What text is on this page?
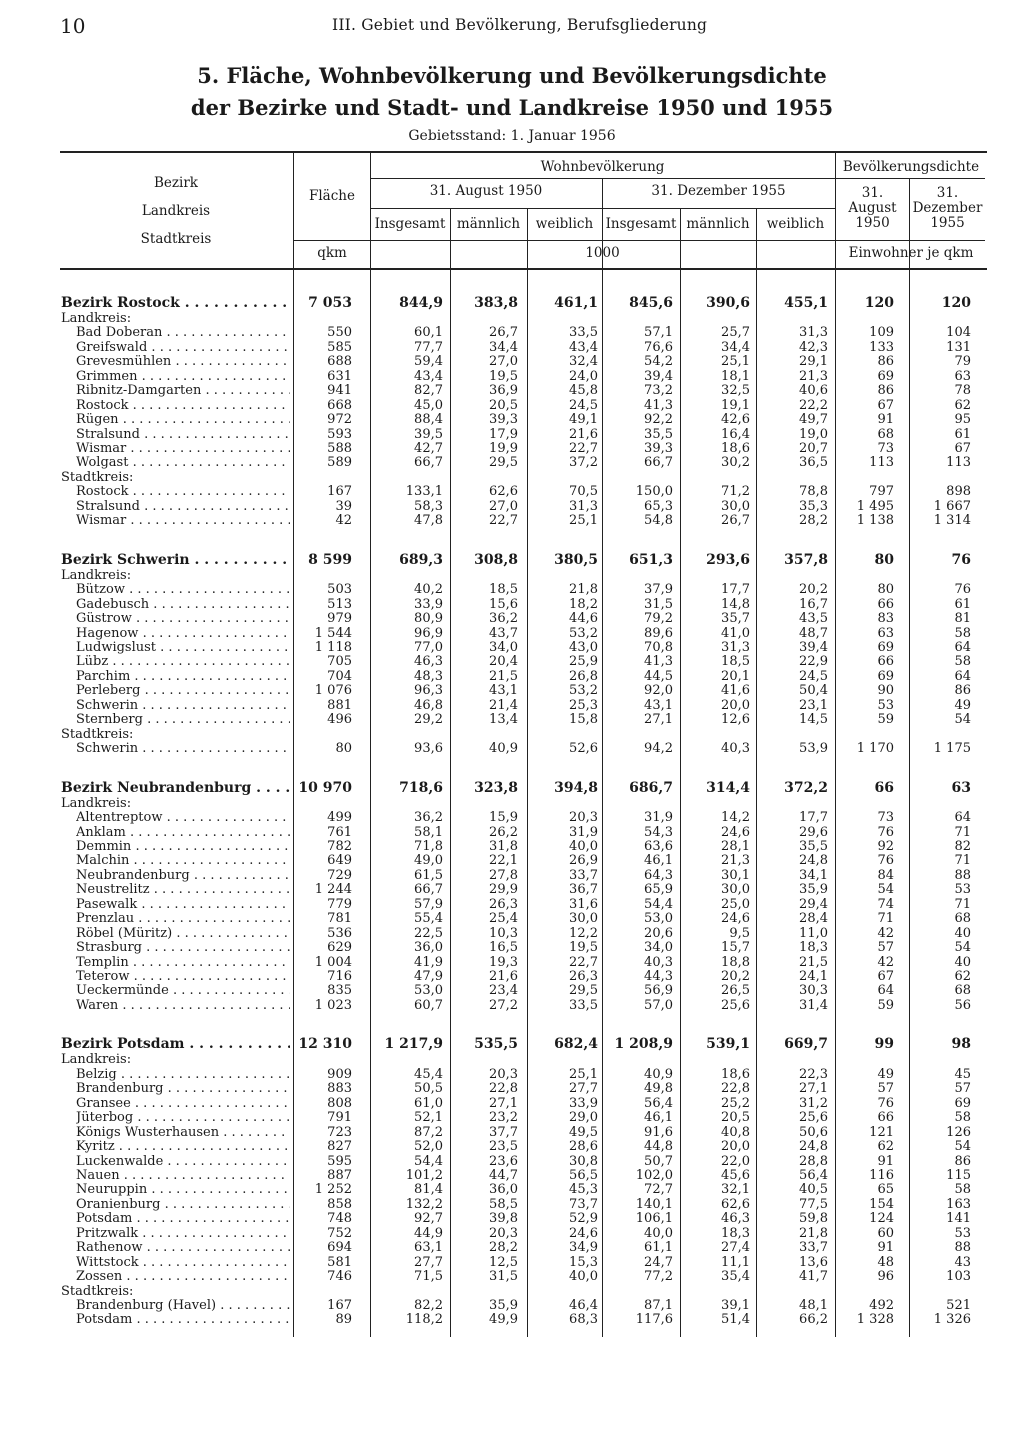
10	III. Gebiet und Bevölkerung, Berufsgliederung
5. Fläche, Wohnbevölkerung und Bevölkerungsdichte
der Bezirke und Stadt- und Landkreise 1950 und 1955
Gebietsstand: 1. Januar 1956
Bezirk
Landkreis
Stadtkreis
Fläche
Wohnbevölkerung	Bevölkerungsdichte
31. August 1950	31. Dezember 1955
Insgesamt männlich	weiblich Insgesamt männlich	weiblich
31.
August
1950
31.
Dezember
1955
qkm	1000	Einwohner je qkm
Bezirk Rostock . . .	7 053	844,9	383,8	461,1	845,6	390,6	455,1	120	120
Landkreis:
Bad Doberan . . .	550	60,1	26,7	33,5	57,1	25,7	31,3	109	104
Greifswald . . .	585	77,7	34,4	43,4	76,6	34,4	42,3	133	131
Grevesmühlen . . .	688	59,4	27,0	32,4	54,2	25,1	29,1	86	79
Grimmen . . .	631	43,4	19,5	24,0	39,4	18,1	21,3	69	63
Ribnitz-Damgarten . . .	941	82,7	36,9	45,8	73,2	32,5	40,6	86	78
Rostock . . .	668	45,0	20,5	24,5	41,3	19,1	22,2	67	62
Rügen . . .	972	88,4	39,3	49,1	92,2	42,6	49,7	91	95
Stralsund . . .	593	39,5	17,9	21,6	35,5	16,4	19,0	68	61
Wismar . . .	588	42,7	19,9	22,7	39,3	18,6	20,7	73	67
Wolgast . . .	589	66,7	29,5	37,2	66,7	30,2	36,5	113	113
Stadtkreis:
Rostock . . .	167	133,1	62,6	70,5	150,0	71,2	78,8	797	898
Stralsund . . .	39	58,3	27,0	31,3	65,3	30,0	35,3	1 495	1 667
Wismar . . .	42	47,8	22,7	25,1	54,8	26,7	28,2	1 138	1 314
Bezirk Schwerin . . .	8 599	689,3	308,8	380,5	651,3	293,6	357,8	80	76
Landkreis:
Bützow . . .	503	40,2	18,5	21,8	37,9	17,7	20,2	80	76
Gadebusch . . .	513	33,9	15,6	18,2	31,5	14,8	16,7	66	61
Güstrow . . .	979	80,9	36,2	44,6	79,2	35,7	43,5	83	81
Hagenow . . .	1 544	96,9	43,7	53,2	89,6	41,0	48,7	63	58
Ludwigslust . . .	1 118	77,0	34,0	43,0	70,8	31,3	39,4	69	64
Lübz . . .	705	46,3	20,4	25,9	41,3	18,5	22,9	66	58
Parchim . . .	704	48,3	21,5	26,8	44,5	20,1	24,5	69	64
Perleberg . . .	1 076	96,3	43,1	53,2	92,0	41,6	50,4	90	86
Schwerin . . .	881	46,8	21,4	25,3	43,1	20,0	23,1	53	49
Sternberg . . .	496	29,2	13,4	15,8	27,1	12,6	14,5	59	54
Stadtkreis:
Schwerin . . .	80	93,6	40,9	52,6	94,2	40,3	53,9	1 170	1 175
Bezirk Neubrandenburg . . .	10 970	718,6	323,8	394,8	686,7	314,4	372,2	66	63
Landkreis:
Altentreptow . . .	499	36,2	15,9	20,3	31,9	14,2	17,7	73	64
Anklam . . .	761	58,1	26,2	31,9	54,3	24,6	29,6	76	71
Demmin . . .	782	71,8	31,8	40,0	63,6	28,1	35,5	92	82
Malchin . . .	649	49,0	22,1	26,9	46,1	21,3	24,8	76	71
Neubrandenburg . . .	729	61,5	27,8	33,7	64,3	30,1	34,1	84	88
Neustrelitz . . .	1 244	66,7	29,9	36,7	65,9	30,0	35,9	54	53
Pasewalk . . .	779	57,9	26,3	31,6	54,4	25,0	29,4	74	71
Prenzlau . . .	781	55,4	25,4	30,0	53,0	24,6	28,4	71	68
Röbel (Müritz) . . .	536	22,5	10,3	12,2	20,6	9,5	11,0	42	40
Strasburg . . .	629	36,0	16,5	19,5	34,0	15,7	18,3	57	54
Templin . . .	1 004	41,9	19,3	22,7	40,3	18,8	21,5	42	40
Teterow . . .	716	47,9	21,6	26,3	44,3	20,2	24,1	67	62
Ueckermünde . . .	835	53,0	23,4	29,5	56,9	26,5	30,3	64	68
Waren . . .	1 023	60,7	27,2	33,5	57,0	25,6	31,4	59	56
Bezirk Potsdam . . .	12 310	1 217,9	535,5	682,4	1 208,9	539,1	669,7	99	98
Landkreis:
Belzig . . .	909	45,4	20,3	25,1	40,9	18,6	22,3	49	45
Brandenburg . . .	883	50,5	22,8	27,7	49,8	22,8	27,1	57	57
Gransee . . .	808	61,0	27,1	33,9	56,4	25,2	31,2	76	69
Jüterbog . . .	791	52,1	23,2	29,0	46,1	20,5	25,6	66	58
Königs Wusterhausen . . .	723	87,2	37,7	49,5	91,6	40,8	50,6	121	126
Kyritz . . .	827	52,0	23,5	28,6	44,8	20,0	24,8	62	54
Luckenwalde . . .	595	54,4	23,6	30,8	50,7	22,0	28,8	91	86
Nauen . . .	887	101,2	44,7	56,5	102,0	45,6	56,4	116	115
Neuruppin . . .	1 252	81,4	36,0	45,3	72,7	32,1	40,5	65	58
Oranienburg . . .	858	132,2	58,5	73,7	140,1	62,6	77,5	154	163
Potsdam . . .	748	92,7	39,8	52,9	106,1	46,3	59,8	124	141
Pritzwalk . . .	752	44,9	20,3	24,6	40,0	18,3	21,8	60	53
Rathenow . . .	694	63,1	28,2	34,9	61,1	27,4	33,7	91	88
Wittstock . . .	581	27,7	12,5	15,3	24,7	11,1	13,6	48	43
Zossen . . .	746	71,5	31,5	40,0	77,2	35,4	41,7	96	103
Stadtkreis:
Brandenburg (Havel) . . .	167	82,2	35,9	46,4	87,1	39,1	48,1	492	521
Potsdam . . .	89	118,2	49,9	68,3	117,6	51,4	66,2	1 328	1 326
